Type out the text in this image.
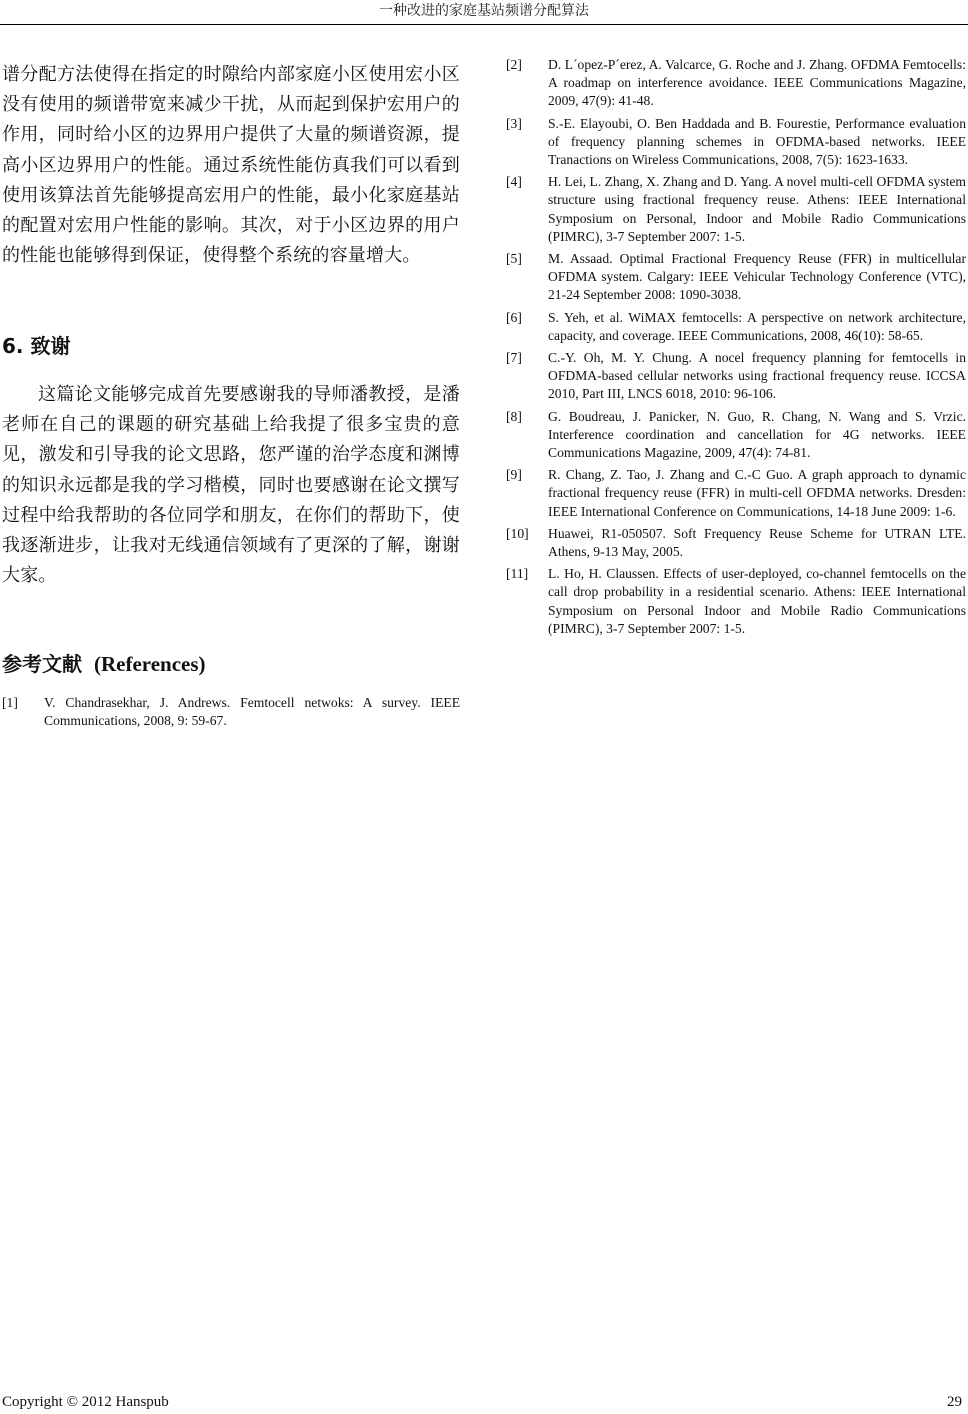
一种改进的家庭基站频谱分配算法

谱分配方法使得在指定的时隙给内部家庭小区使用宏小区没有使用的频谱带宽来减少干扰，从而起到保护宏用户的作用，同时给小区的边界用户提供了大量的频谱资源，提高小区边界用户的性能。通过系统性能仿真我们可以看到使用该算法首先能够提高宏用户的性能，最小化家庭基站的配置对宏用户性能的影响。其次，对于小区边界的用户的性能也能够得到保证，使得整个系统的容量增大。

6. 致谢

这篇论文能够完成首先要感谢我的导师潘教授，是潘老师在自己的课题的研究基础上给我提了很多宝贵的意见，激发和引导我的论文思路，您严谨的治学态度和渊博的知识永远都是我的学习楷模，同时也要感谢在论文撰写过程中给我帮助的各位同学和朋友，在你们的帮助下，使我逐渐进步，让我对无线通信领域有了更深的了解，谢谢大家。

参考文献 (References)
[1]	V. Chandrasekhar, J. Andrews. Femtocell netwoks: A survey. IEEE Communications, 2008, 9: 59-67.
[2]	D. L´opez-P´erez, A. Valcarce, G. Roche and J. Zhang. OFDMA Femtocells: A roadmap on interference avoidance. IEEE Communications Magazine, 2009, 47(9): 41-48.
[3]	S.-E. Elayoubi, O. Ben Haddada and B. Fourestie, Performance evaluation of frequency planning schemes in OFDMA-based networks. IEEE Tranactions on Wireless Communications, 2008, 7(5): 1623-1633.
[4]	H. Lei, L. Zhang, X. Zhang and D. Yang. A novel multi-cell OFDMA system structure using fractional frequency reuse. Athens: IEEE International Symposium on Personal, Indoor and Mobile Radio Communications (PIMRC), 3-7 September 2007: 1-5.
[5]	M. Assaad. Optimal Fractional Frequency Reuse (FFR) in multicellular OFDMA system. Calgary: IEEE Vehicular Technology Conference (VTC), 21-24 September 2008: 1090-3038.
[6]	S. Yeh, et al. WiMAX femtocells: A perspective on network architecture, capacity, and coverage. IEEE Communications, 2008, 46(10): 58-65.
[7]	C.-Y. Oh, M. Y. Chung. A nocel frequency planning for femtocells in OFDMA-based cellular networks using fractional frequency reuse. ICCSA 2010, Part III, LNCS 6018, 2010: 96-106.
[8]	G. Boudreau, J. Panicker, N. Guo, R. Chang, N. Wang and S. Vrzic. Interference coordination and cancellation for 4G networks. IEEE Communications Magazine, 2009, 47(4): 74-81.
[9]	R. Chang, Z. Tao, J. Zhang and C.-C Guo. A graph approach to dynamic fractional frequency reuse (FFR) in multi-cell OFDMA networks. Dresden: IEEE International Conference on Communications, 14-18 June 2009: 1-6.
[10]	Huawei, R1-050507. Soft Frequency Reuse Scheme for UTRAN LTE. Athens, 9-13 May, 2005.
[11]	L. Ho, H. Claussen. Effects of user-deployed, co-channel femtocells on the call drop probability in a residential scenario. Athens: IEEE International Symposium on Personal Indoor and Mobile Radio Communications (PIMRC), 3-7 September 2007: 1-5.
Copyright © 2012 Hanspub	29
